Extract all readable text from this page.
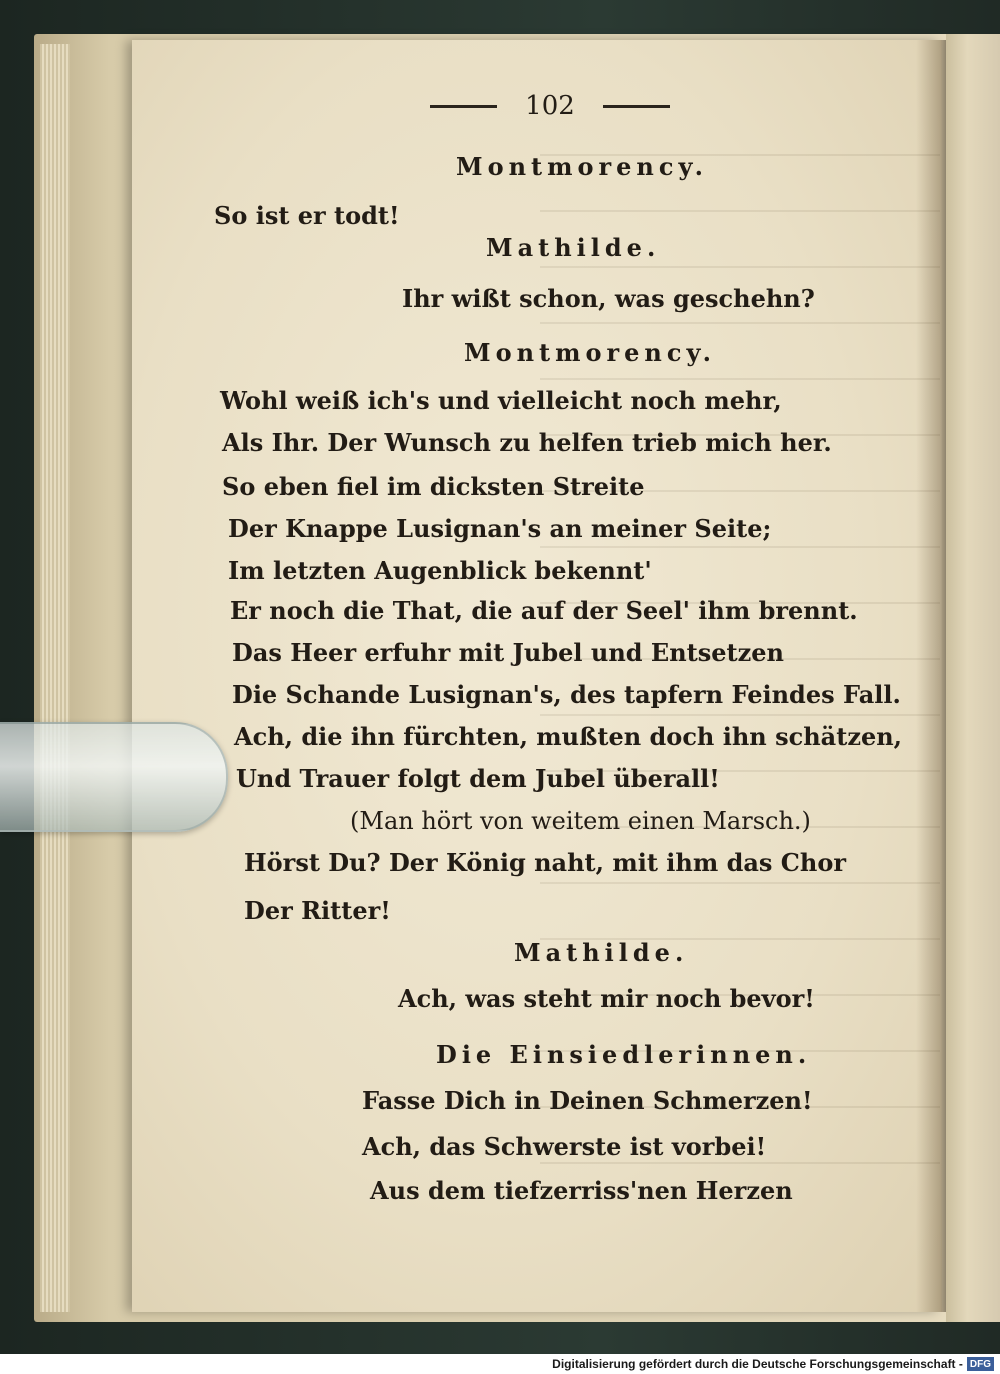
102
Montmorency.
So ist er todt!
Mathilde.
Ihr wißt schon, was geschehn?
Montmorency.
Wohl weiß ich's und vielleicht noch mehr,
Als Ihr. Der Wunsch zu helfen trieb mich her.
So eben fiel im dicksten Streite
Der Knappe Lusignan's an meiner Seite;
Im letzten Augenblick bekennt'
Er noch die That, die auf der Seel' ihm brennt.
Das Heer erfuhr mit Jubel und Entsetzen
Die Schande Lusignan's, des tapfern Feindes Fall.
Ach, die ihn fürchten, mußten doch ihn schätzen,
Und Trauer folgt dem Jubel überall!
(Man hört von weitem einen Marsch.)
Hörst Du? Der König naht, mit ihm das Chor
Der Ritter!
Mathilde.
Ach, was steht mir noch bevor!
Die Einsiedlerinnen.
Fasse Dich in Deinen Schmerzen!
Ach, das Schwerste ist vorbei!
Aus dem tiefzerriss'nen Herzen
Digitalisierung gefördert durch die Deutsche Forschungsgemeinschaft - DFG
